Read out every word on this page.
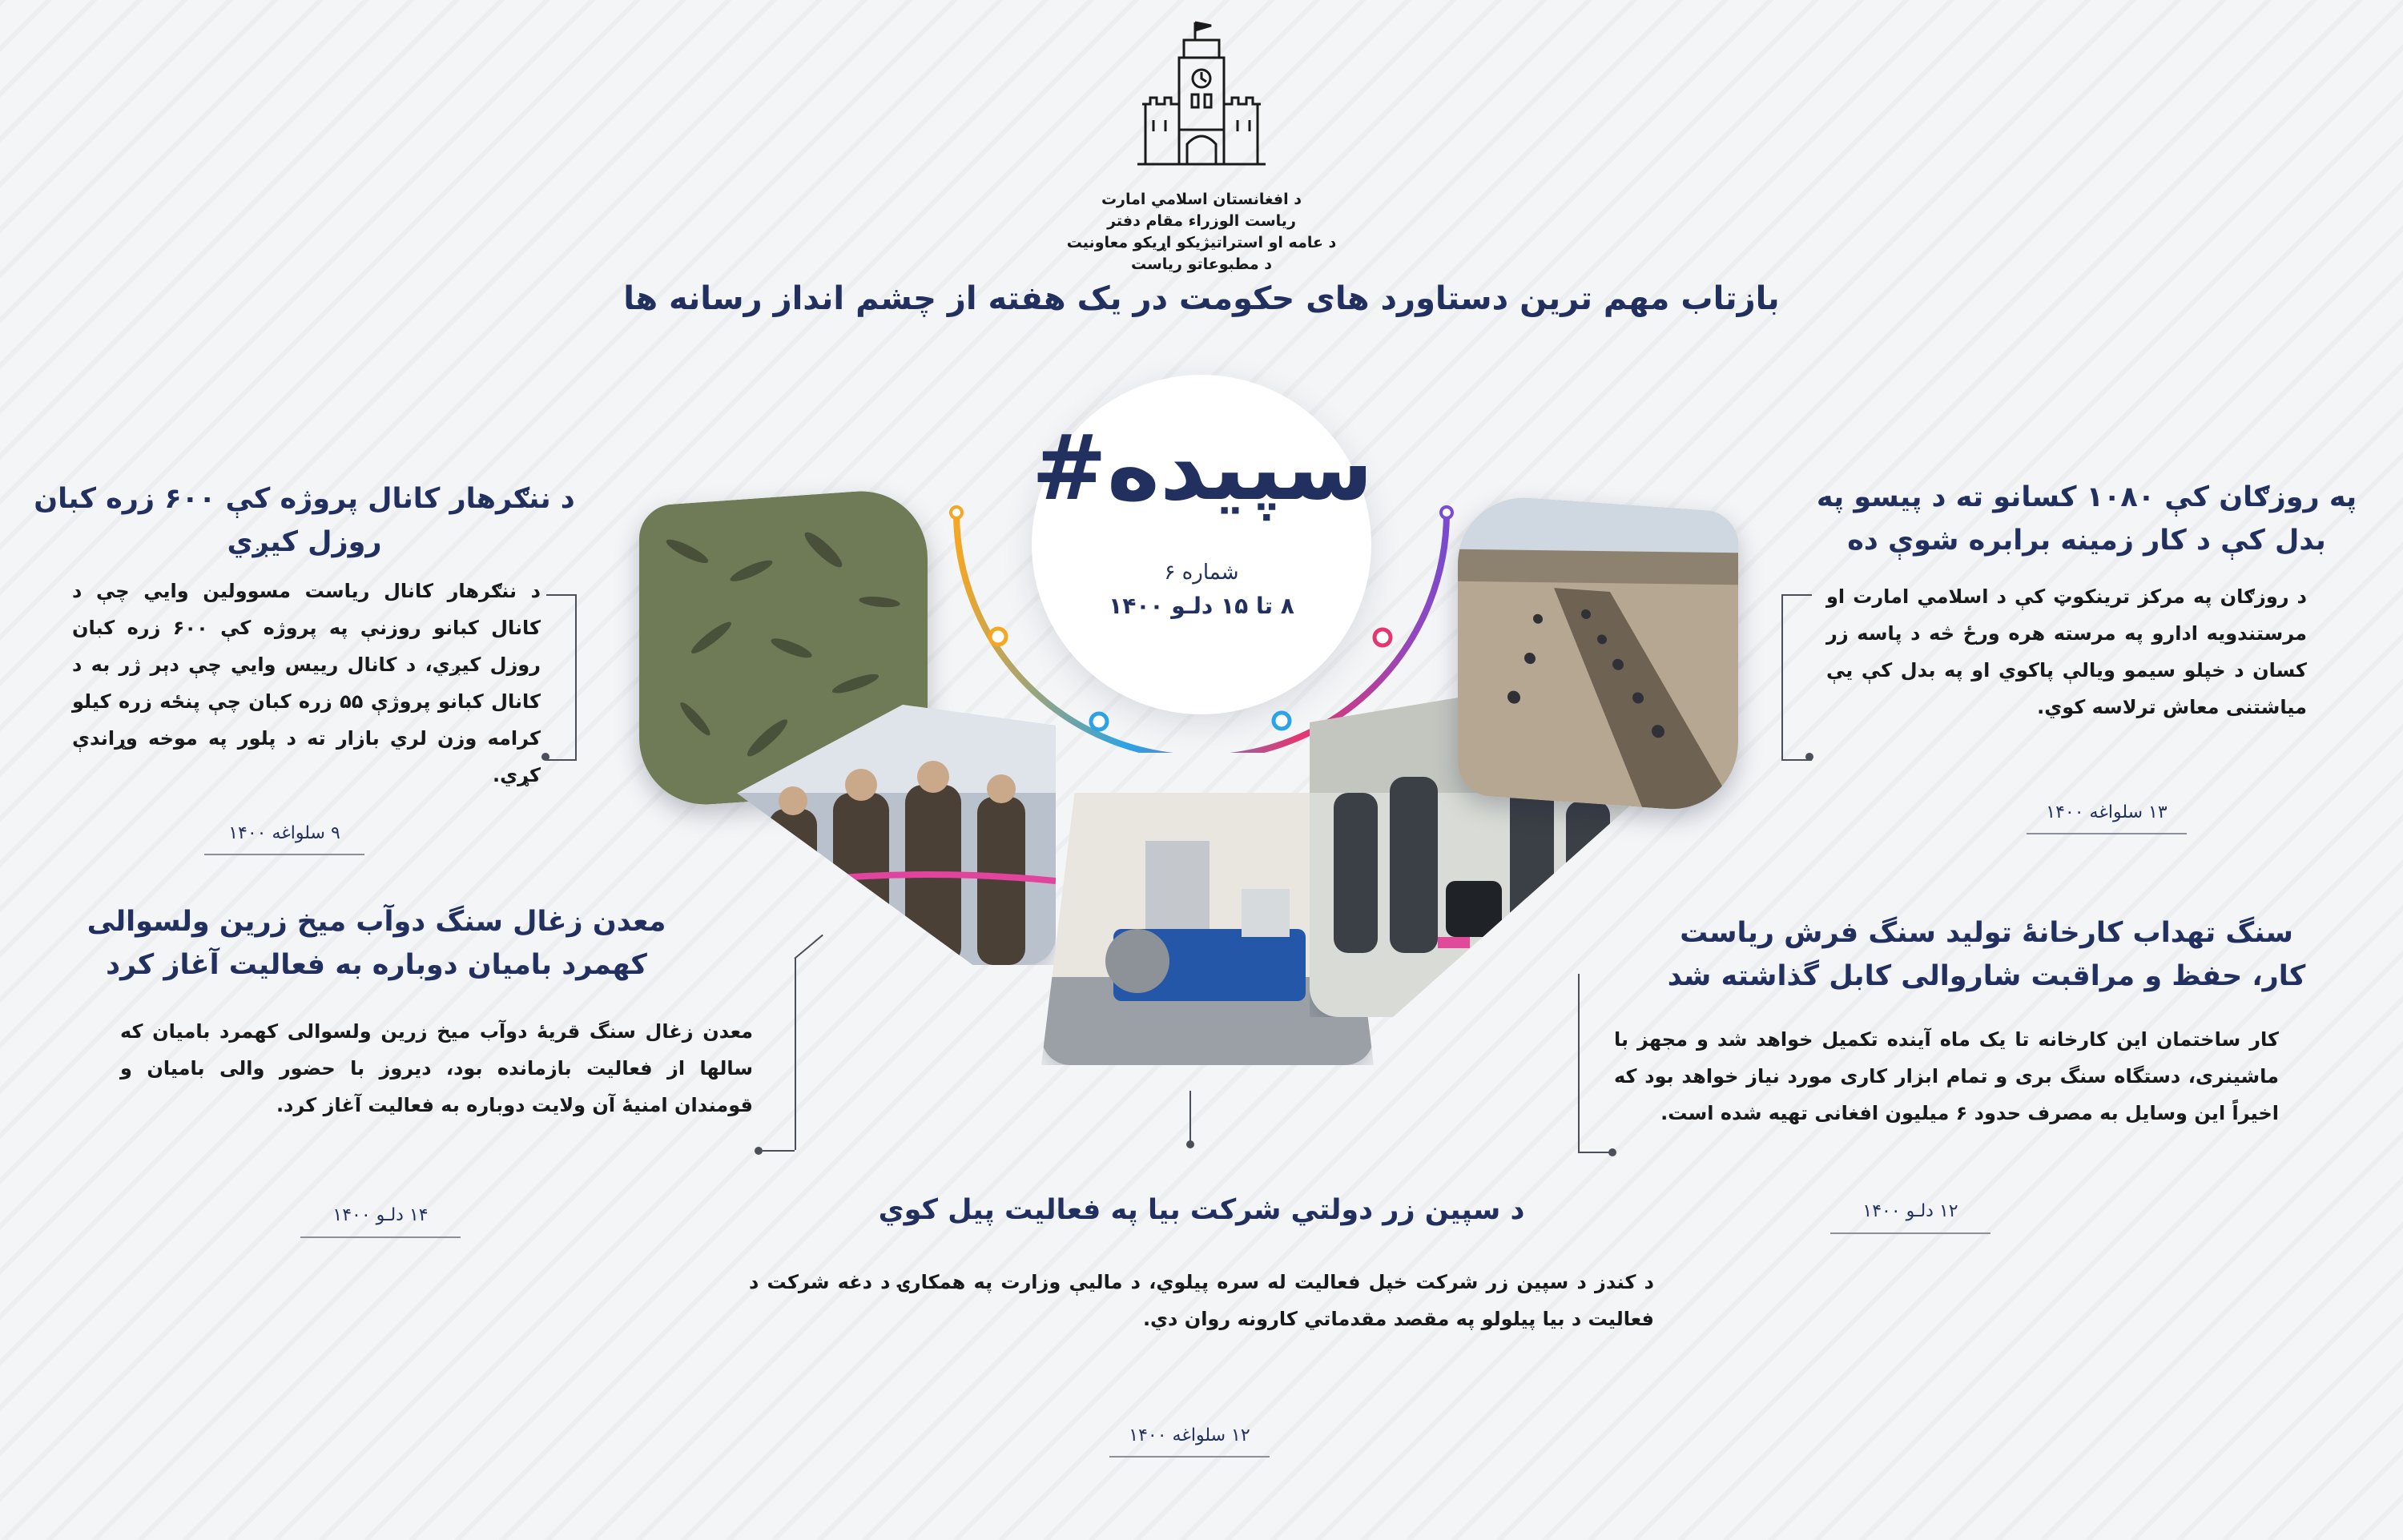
د افغانستان اسلامي امارت
ریاست الوزراء مقام دفتر
د عامه او استراتیژیکو اړیکو معاونیت
د مطبوعاتو ریاست
بازتاب مهم ترین دستاورد های حکومت در یک هفته از چشم انداز رسانه ها
#سپیده
شماره ۶
۸ تا ۱۵ دلـو ۱۴۰۰
د ننګرهار کانال پروژه کې ۶۰۰ زره کبان
روزل کیږي
د ننګرهار کانال ریاست مسوولین وایي چې د کانال کبانو روزنې په پروژه کې ۶۰۰ زره کبان روزل کیږي، د کانال رییس وایي چې دېر ژر به د کانال کبانو پروژې ۵۵ زره کبان چې پنځه زره کیلو کرامه وزن لري بازار ته د پلور په موخه وړاندې کړي.
۹ سلواغه ۱۴۰۰
معدن زغال سنگ دوآب میخ زرین ولسوالی
کهمرد بامیان دوباره به فعالیت آغاز کرد
معدن زغال سنگ قریهٔ دوآب میخ زرین ولسوالی کهمرد بامیان که سالها از فعالیت بازمانده بود، دیروز با حضور والی بامیان و قومندان امنیهٔ آن ولایت دوباره به فعالیت آغاز کرد.
۱۴ دلـو ۱۴۰۰	د سپین زر دولتي شرکت بیا په فعالیت پیل کوي
د کندز د سپین زر شرکت خپل فعالیت له سره پیلوي، د مالیې وزارت په همکارۍ د دغه شرکت د فعالیت د بیا پیلولو په مقصد مقدماتي کارونه روان دي.
۱۲ سلواغه ۱۴۰۰
سنگ تهداب کارخانهٔ تولید سنگ فرش ریاست
کار، حفظ و مراقبت شاروالی کابل گذاشته شد
کار ساختمان این کارخانه تا یک ماه آینده تکمیل خواهد شد و مجهز با ماشینری، دستگاه سنگ بری و تمام ابزار کاری مورد نیاز خواهد بود که اخیراً این وسایل به مصرف حدود ۶ میلیون افغانی تهیه شده است.
۱۲ دلـو ۱۴۰۰
په روزګان کې ۱۰۸۰ کسانو ته د پیسو په
بدل کې د کار زمینه برابره شوې ده
د روزګان په مرکز ترینکوټ کې د اسلامي امارت او مرستندویه ادارو په مرسته هره ورځ څه د پاسه زر کسان د خپلو سیمو ویالې پاکوي او په بدل کې یې میاشتنی معاش ترلاسه کوي.
۱۳ سلواغه ۱۴۰۰
